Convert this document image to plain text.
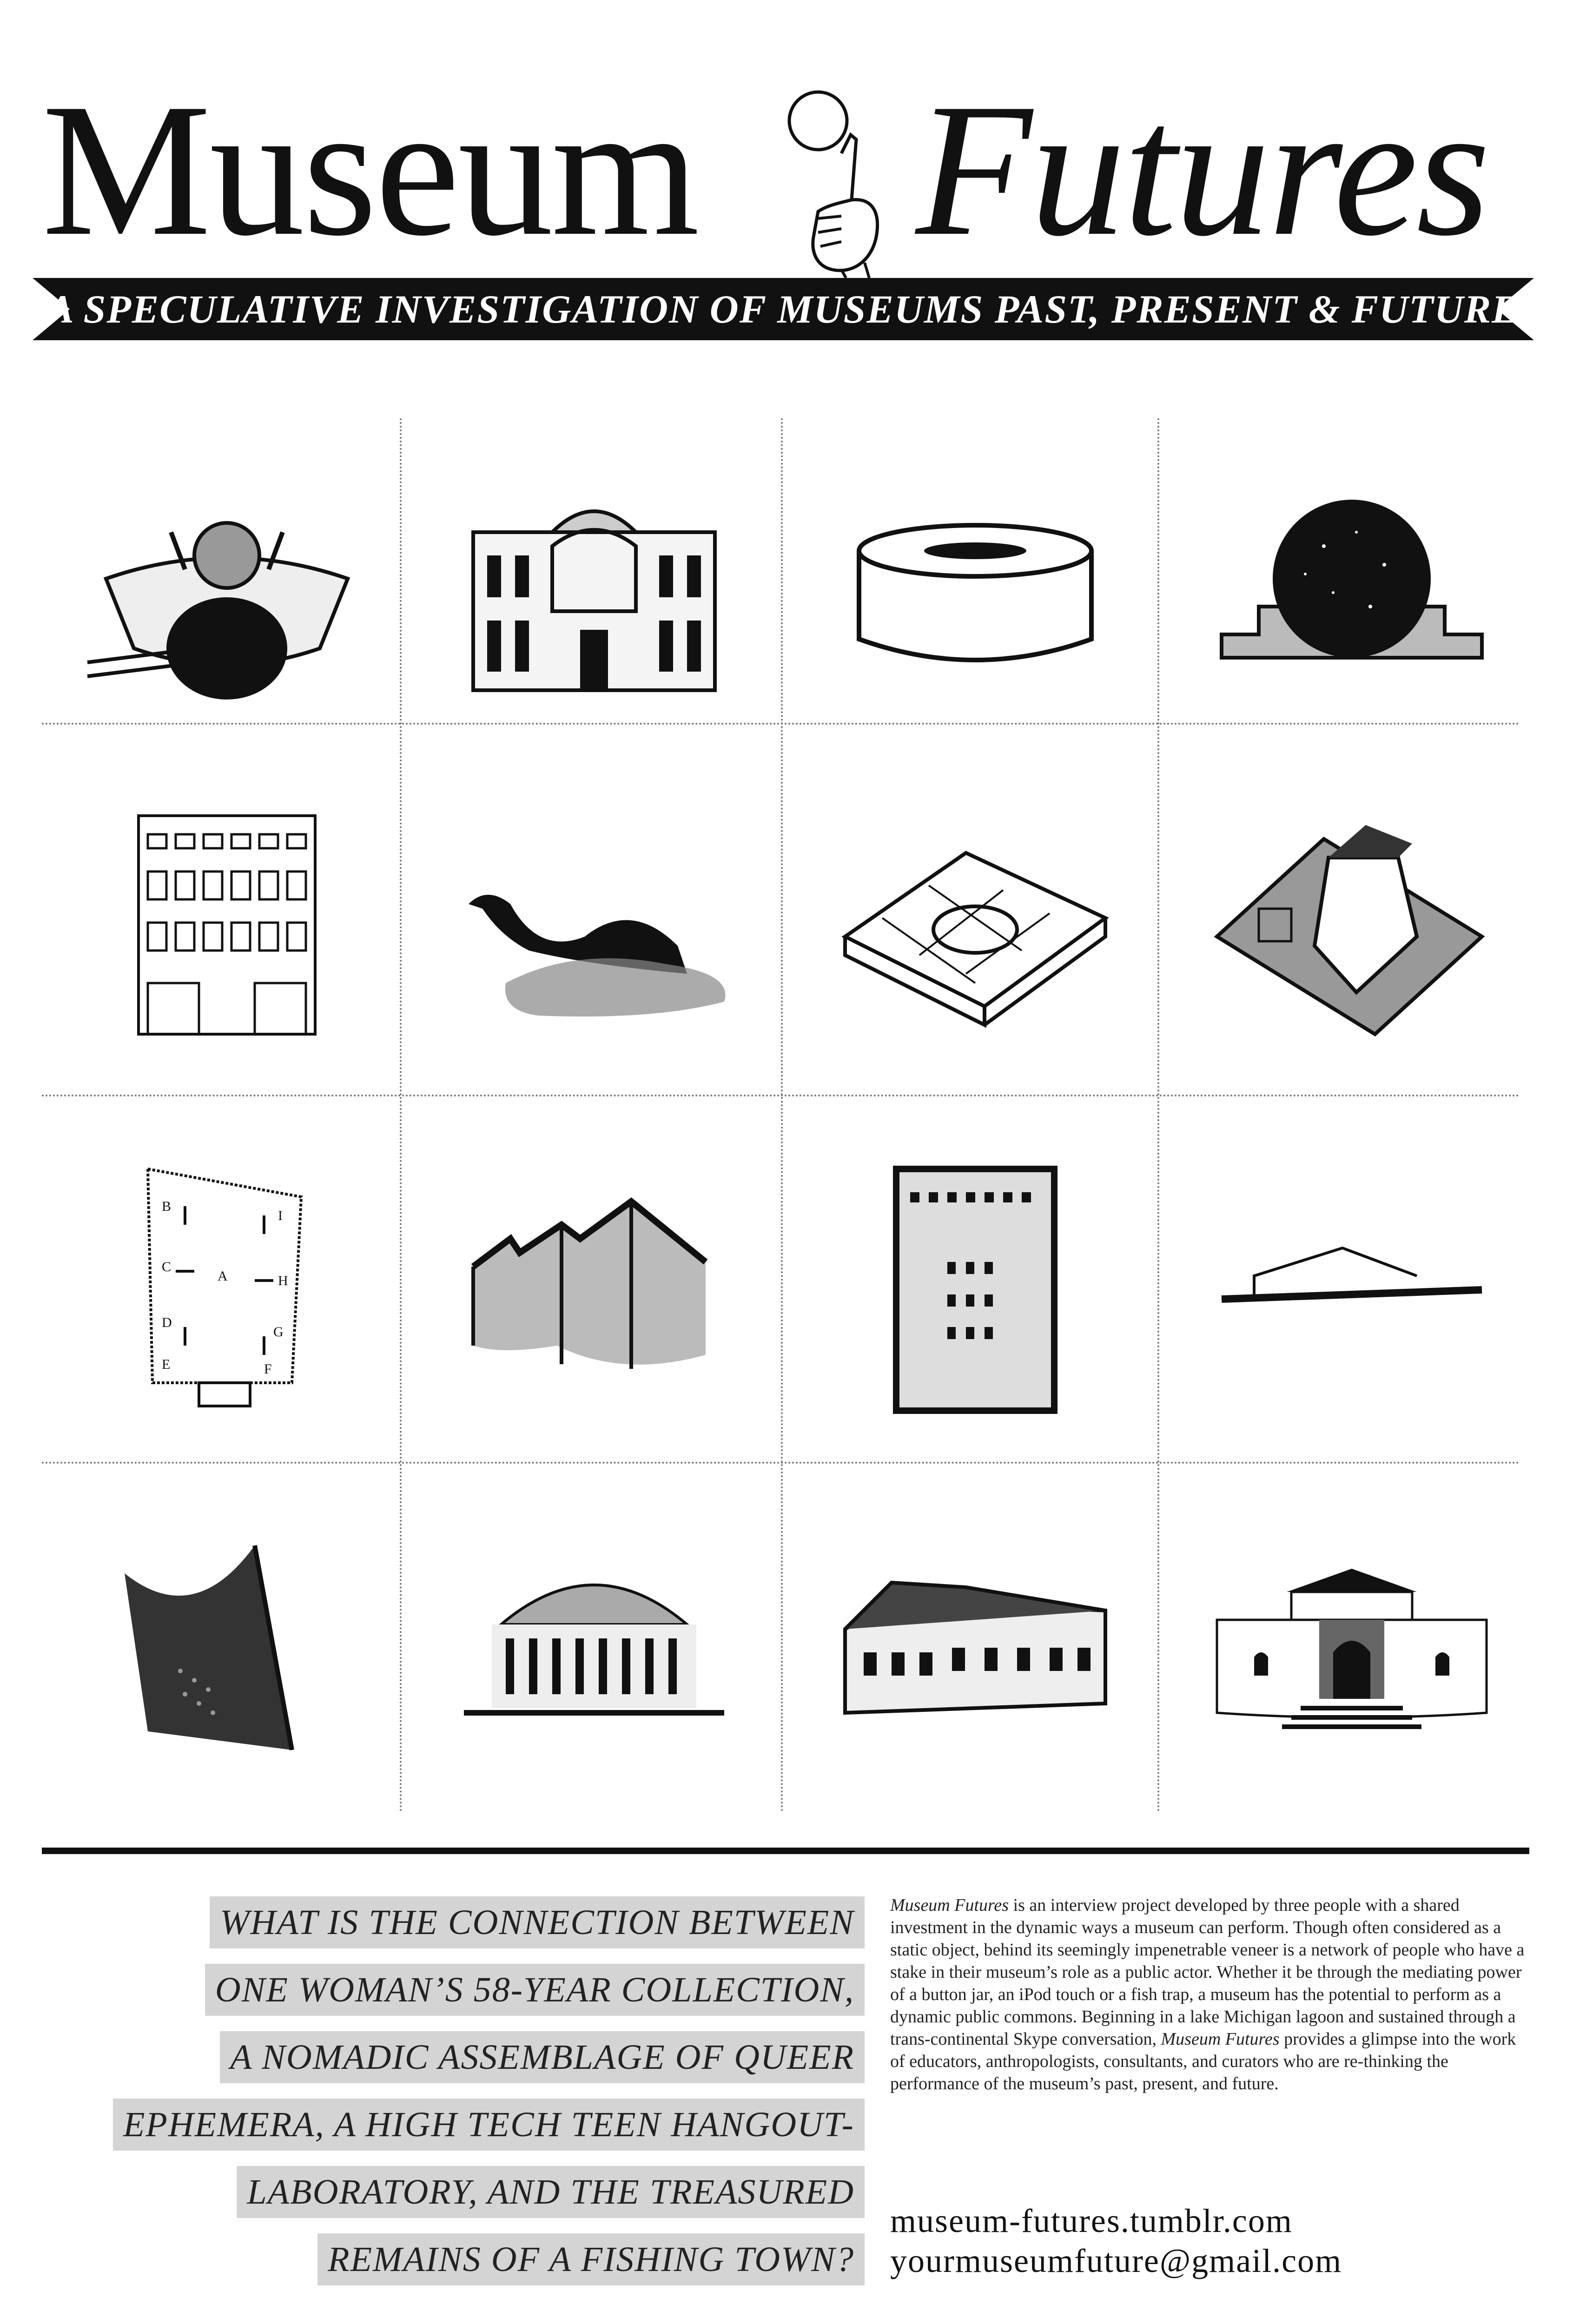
Museum Futures
A SPECULATIVE INVESTIGATION OF MUSEUMS PAST, PRESENT & FUTURE
B
I
C
A	H
D
G
E	F
WHAT IS THE CONNECTION BETWEEN
ONE WOMAN’S 58-YEAR COLLECTION,
A NOMADIC ASSEMBLAGE OF QUEER
EPHEMERA, A HIGH TECH TEEN HANGOUT-
LABORATORY, AND THE TREASURED
REMAINS OF A FISHING TOWN?
Museum Futures is an interview project developed by three people with a shared investment in the dynamic ways a museum can perform. Though often considered as a static object, behind its seemingly impenetrable veneer is a network of people who have a stake in their museum’s role as a public actor. Whether it be through the mediating power of a button jar, an iPod touch or a fish trap, a museum has the potential to perform as a dynamic public commons. Beginning in a lake Michigan lagoon and sustained through a trans-continental Skype conversation, Museum Futures provides a glimpse into the work of educators, anthropologists, consultants, and curators who are re-thinking the performance of the museum’s past, present, and future.
museum-futures.tumblr.com
yourmuseumfuture@gmail.com
